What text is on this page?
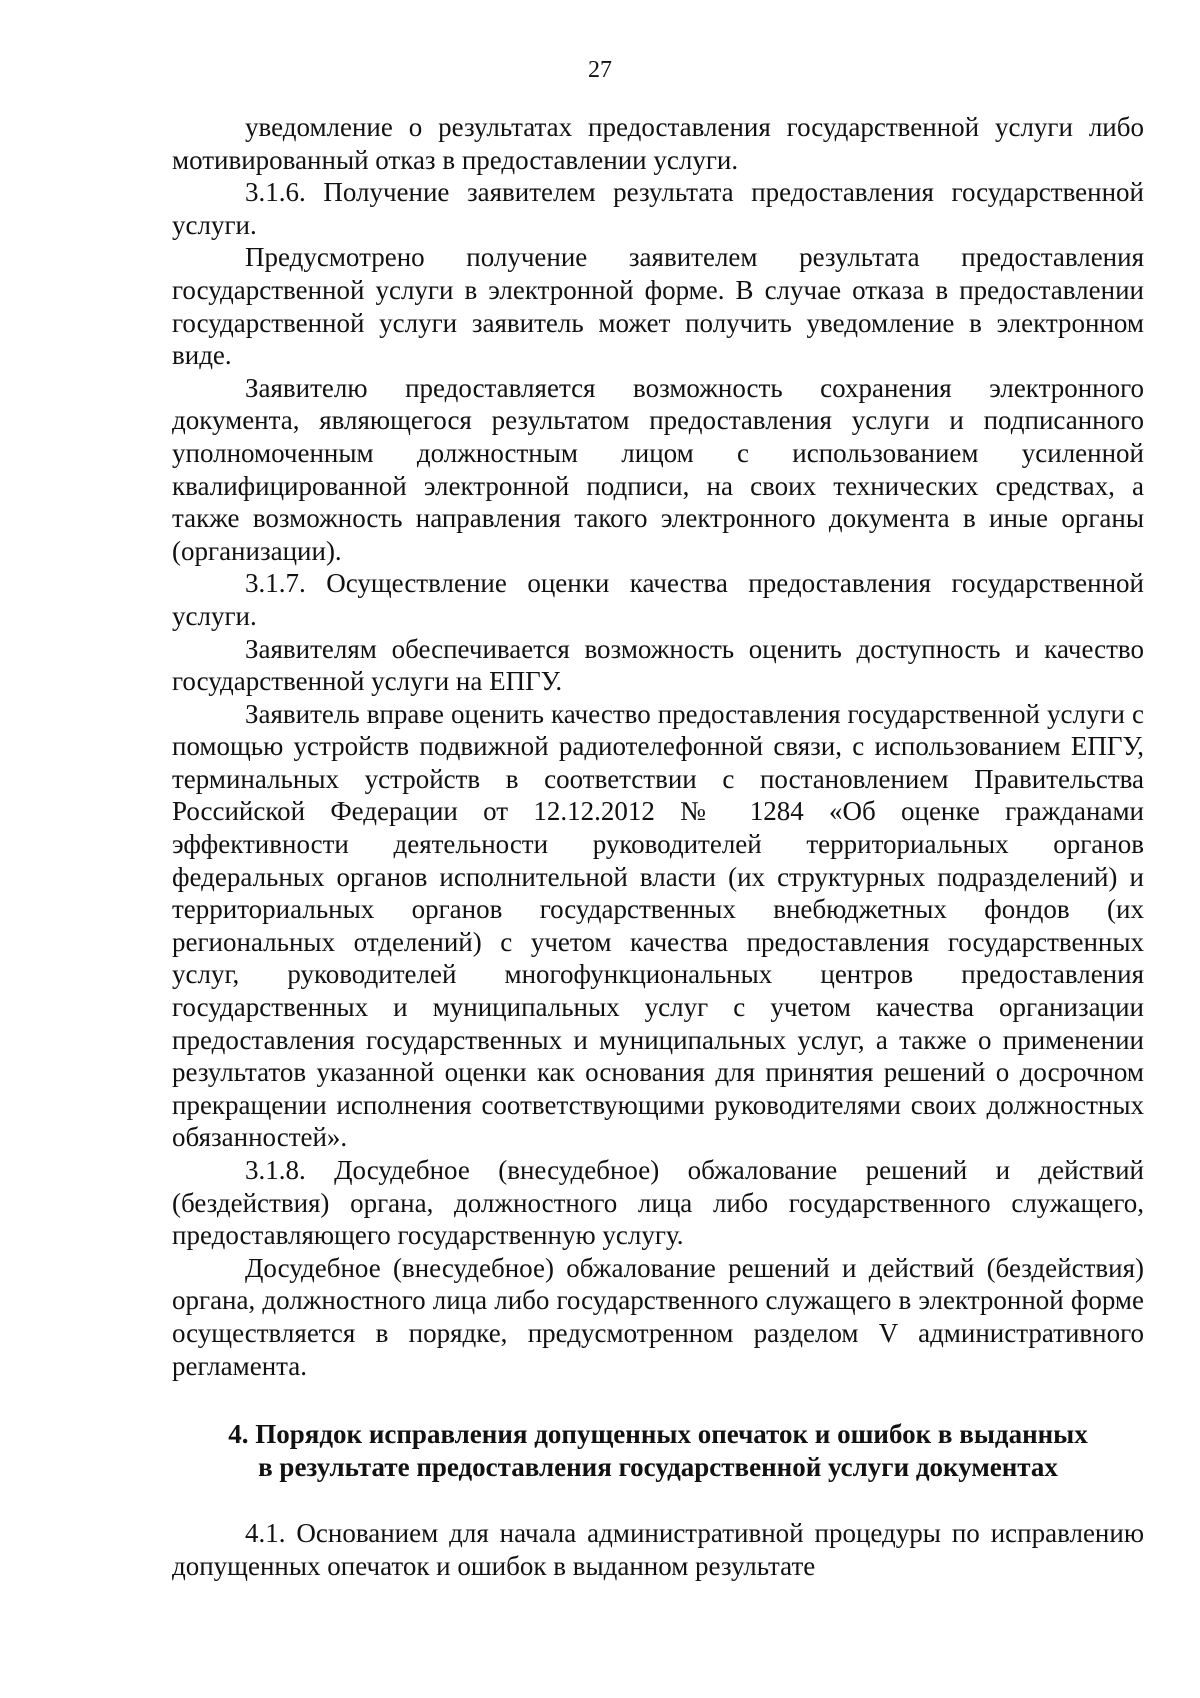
27

уведомление о результатах предоставления государственной услуги либо мотивированный отказ в предоставлении услуги.

3.1.6. Получение заявителем результата предоставления государственной услуги.

Предусмотрено получение заявителем результата предоставления государственной услуги в электронной форме. В случае отказа в предоставлении государственной услуги заявитель может получить уведомление в электронном виде.

Заявителю предоставляется возможность сохранения электронного документа, являющегося результатом предоставления услуги и подписанного уполномоченным должностным лицом с использованием усиленной квалифицированной электронной подписи, на своих технических средствах, а также возможность направления такого электронного документа в иные органы (организации).

3.1.7. Осуществление оценки качества предоставления государственной услуги.

Заявителям обеспечивается возможность оценить доступность и качество государственной услуги на ЕПГУ.

Заявитель вправе оценить качество предоставления государственной услуги с помощью устройств подвижной радиотелефонной связи, с использованием ЕПГУ, терминальных устройств в соответствии с постановлением Правительства Российской Федерации от 12.12.2012 № 1284 «Об оценке гражданами эффективности деятельности руководителей территориальных органов федеральных органов исполнительной власти (их структурных подразделений) и территориальных органов государственных внебюджетных фондов (их региональных отделений) с учетом качества предоставления государственных услуг, руководителей многофункциональных центров предоставления государственных и муниципальных услуг с учетом качества организации предоставления государственных и муниципальных услуг, а также о применении результатов указанной оценки как основания для принятия решений о досрочном прекращении исполнения соответствующими руководителями своих должностных обязанностей».

3.1.8. Досудебное (внесудебное) обжалование решений и действий (бездействия) органа, должностного лица либо государственного служащего, предоставляющего государственную услугу.

Досудебное (внесудебное) обжалование решений и действий (бездействия) органа, должностного лица либо государственного служащего в электронной форме осуществляется в порядке, предусмотренном разделом V административного регламента.

4. Порядок исправления допущенных опечаток и ошибок в выданных
в результате предоставления государственной услуги документах

4.1. Основанием для начала административной процедуры по исправлению допущенных опечаток и ошибок в выданном результате
